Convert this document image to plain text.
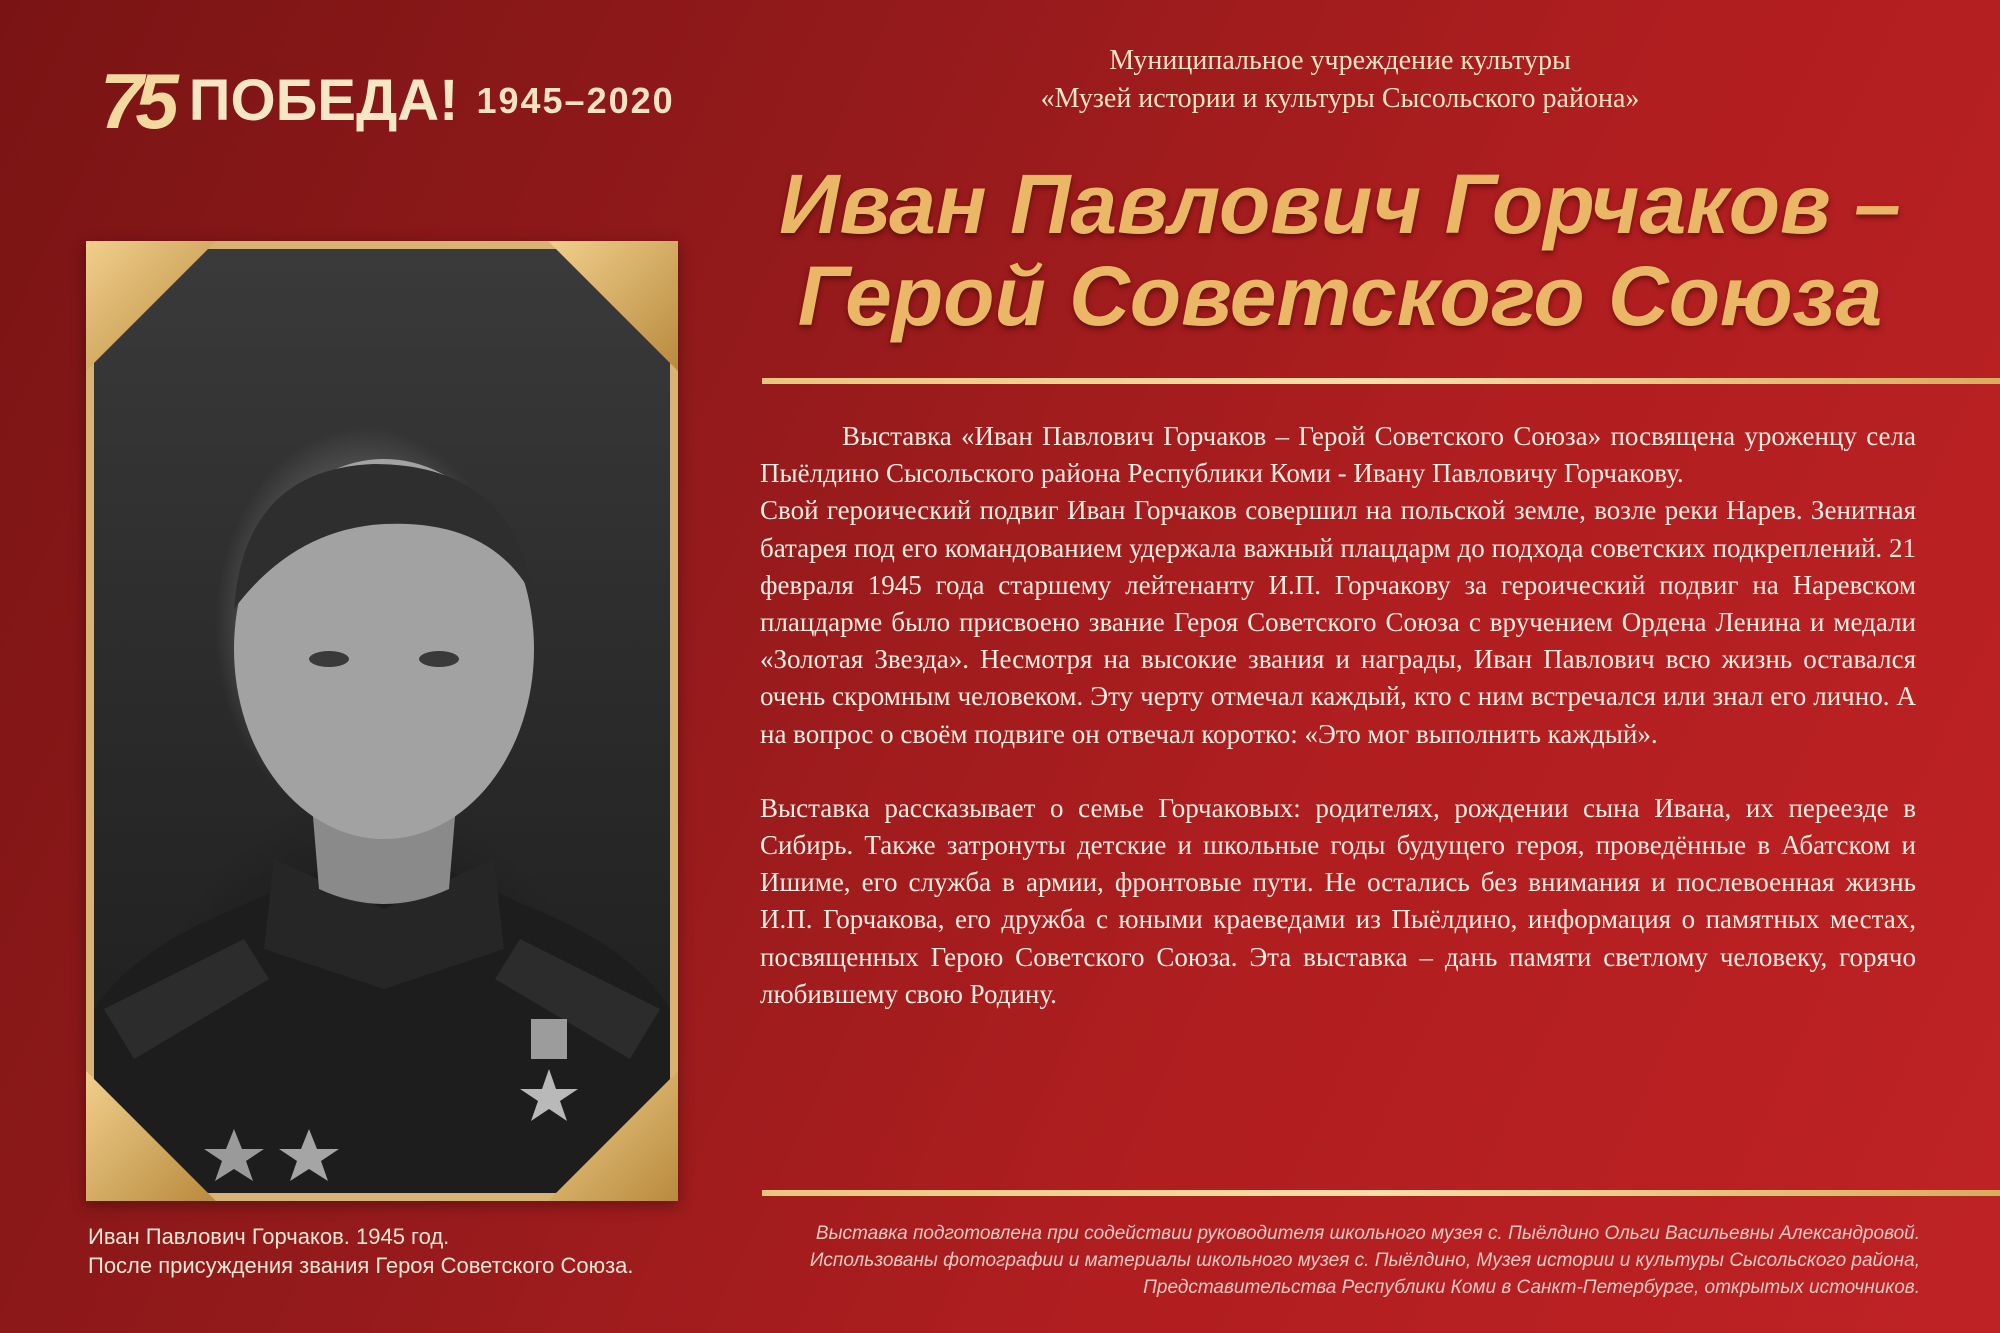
75 ПОБЕДА! 1945–2020
Муниципальное учреждение культуры
«Музей истории и культуры Сысольского района»
Иван Павлович Горчаков –
Герой Советского Союза
Иван Павлович Горчаков. 1945 год.
После присуждения звания Героя Советского Союза.

Выставка «Иван Павлович Горчаков – Герой Советского Союза» посвящена уроженцу села Пыёлдино Сысольского района Республики Коми - Ивану Павловичу Горчакову.

Свой героический подвиг Иван Горчаков совершил на польской земле, возле реки Нарев. Зенитная батарея под его командованием удержала важный плацдарм до подхода советских подкреплений. 21 февраля 1945 года старшему лейтенанту И.П. Горчакову за героический подвиг на Наревском плацдарме было присвоено звание Героя Советского Союза с вручением Ордена Ленина и медали «Золотая Звезда». Несмотря на высокие звания и награды, Иван Павлович всю жизнь оставался очень скромным человеком. Эту черту отмечал каждый, кто с ним встречался или знал его лично. А на вопрос о своём подвиге он отвечал коротко: «Это мог выполнить каждый».

Выставка рассказывает о семье Горчаковых: родителях, рождении сына Ивана, их переезде в Сибирь. Также затронуты детские и школьные годы будущего героя, проведённые в Абатском и Ишиме, его служба в армии, фронтовые пути. Не остались без внимания и послевоенная жизнь И.П. Горчакова, его дружба с юными краеведами из Пыёлдино, информация о памятных местах, посвященных Герою Советского Союза. Эта выставка – дань памяти светлому человеку, горячо любившему свою Родину.

Выставка подготовлена при содействии руководителя школьного музея с. Пыёлдино Ольги Васильевны Александровой.
Использованы фотографии и материалы школьного музея с. Пыёлдино, Музея истории и культуры Сысольского района,
Представительства Республики Коми в Санкт-Петербурге, открытых источников.
